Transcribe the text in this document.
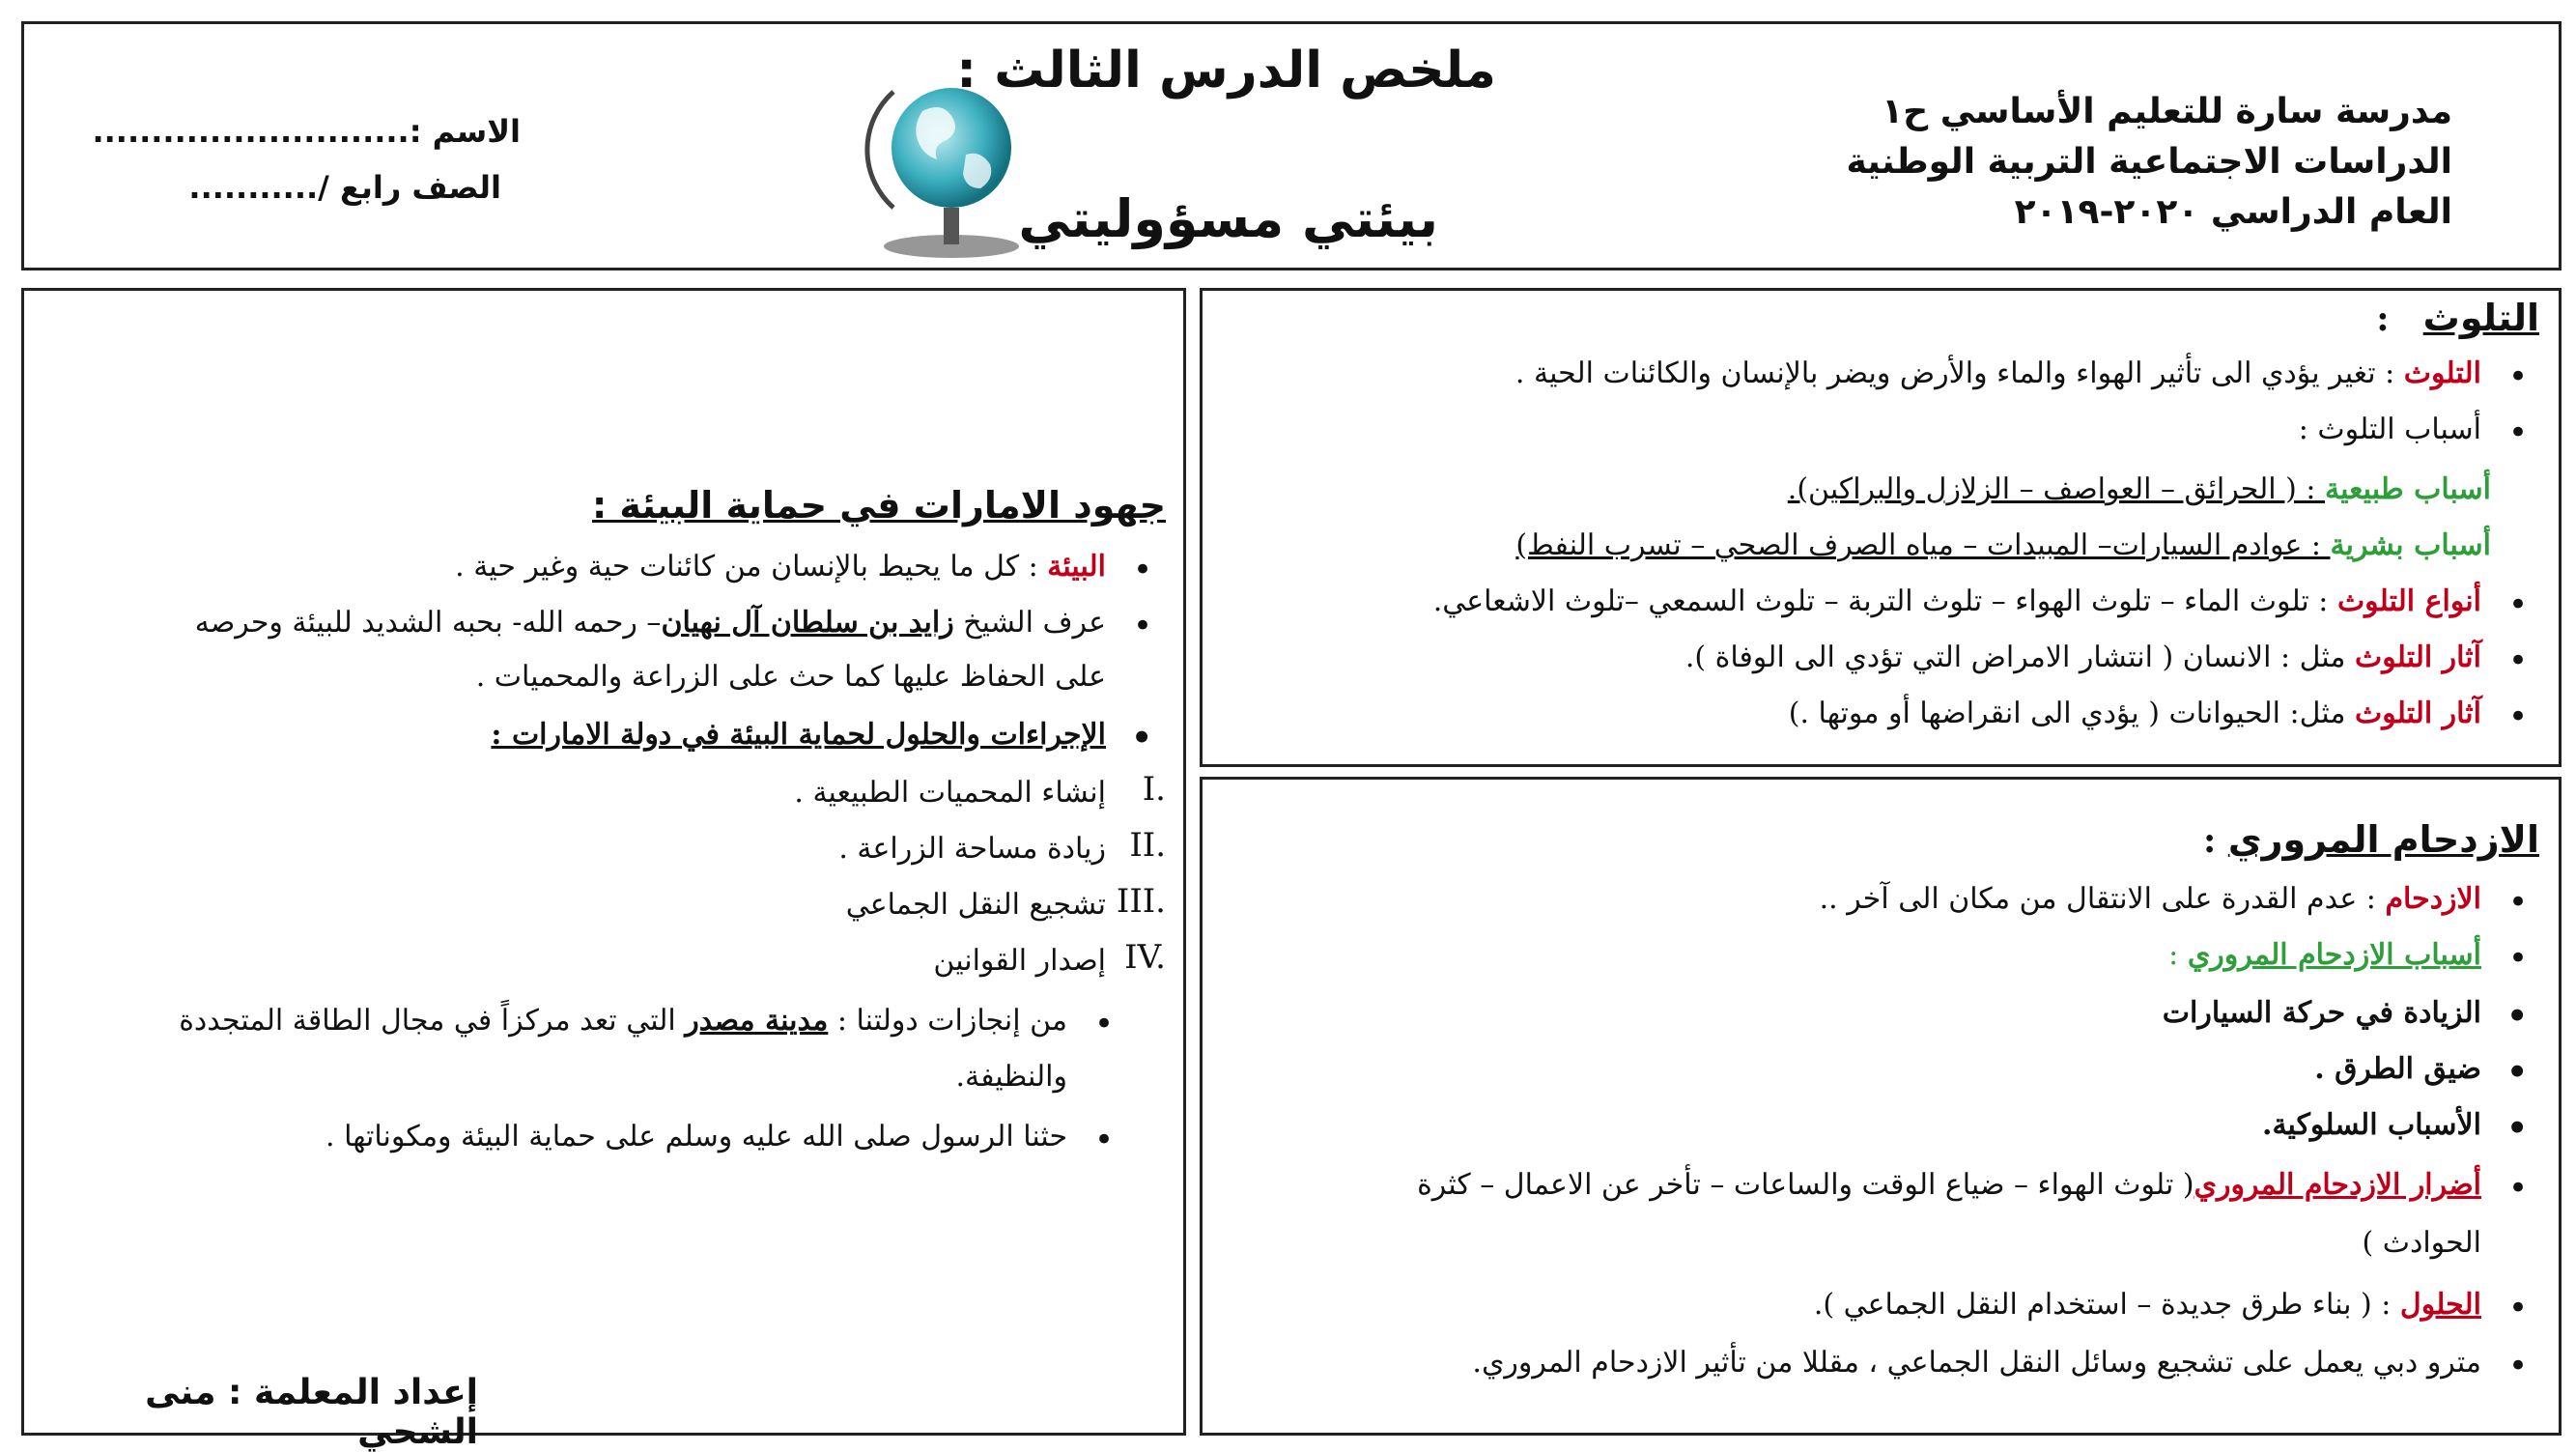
مدرسة سارة للتعليم الأساسي ح١
الدراسات الاجتماعية التربية الوطنية
العام الدراسي ٢٠٢٠-٢٠١٩
ملخص الدرس الثالث :
بيئتي مسؤوليتي
الاسم :...........................
الصف رابع /...........
التلوث :
التلوث : تغير يؤدي الى تأثير الهواء والماء والأرض ويضر بالإنسان والكائنات الحية . •
أسباب التلوث : •
أسباب طبيعية : ( الحرائق – العواصف – الزلازل والبراكين).
أسباب بشرية : عوادم السيارات– المبيدات – مياه الصرف الصحي – تسرب النفط)
أنواع التلوث : تلوث الماء – تلوث الهواء – تلوث التربة – تلوث السمعي –تلوث الاشعاعي. •
آثار التلوث مثل : الانسان ( انتشار الامراض التي تؤدي الى الوفاة ). •
آثار التلوث مثل: الحيوانات ( يؤدي الى انقراضها أو موتها .) •
الازدحام المروري :
الازدحام : عدم القدرة على الانتقال من مكان الى آخر .. •
أسباب الازدحام المروري : •
الزيادة في حركة السيارات •
ضيق الطرق . •
الأسباب السلوكية. •
أضرار الازدحام المروري( تلوث الهواء – ضياع الوقت والساعات – تأخر عن الاعمال – كثرة •
الحوادث )
الحلول : ( بناء طرق جديدة – استخدام النقل الجماعي ). •
مترو دبي يعمل على تشجيع وسائل النقل الجماعي ، مقللا من تأثير الازدحام المروري. •
جهود الامارات في حماية البيئة :
البيئة : كل ما يحيط بالإنسان من كائنات حية وغير حية . •
عرف الشيخ زايد بن سلطان آل نهيان– رحمه الله- بحبه الشديد للبيئة وحرصه •
على الحفاظ عليها كما حث على الزراعة والمحميات .
الإجراءات والحلول لحماية البيئة في دولة الامارات : •
إنشاء المحميات الطبيعية .
زيادة مساحة الزراعة .
تشجيع النقل الجماعي
إصدار القوانين
من إنجازات دولتنا : مدينة مصدر التي تعد مركزاً في مجال الطاقة المتجددة •
والنظيفة.
حثنا الرسول صلى الله عليه وسلم على حماية البيئة ومكوناتها . •
I.
II.
III.
IV.
إعداد المعلمة : منى الشحي
